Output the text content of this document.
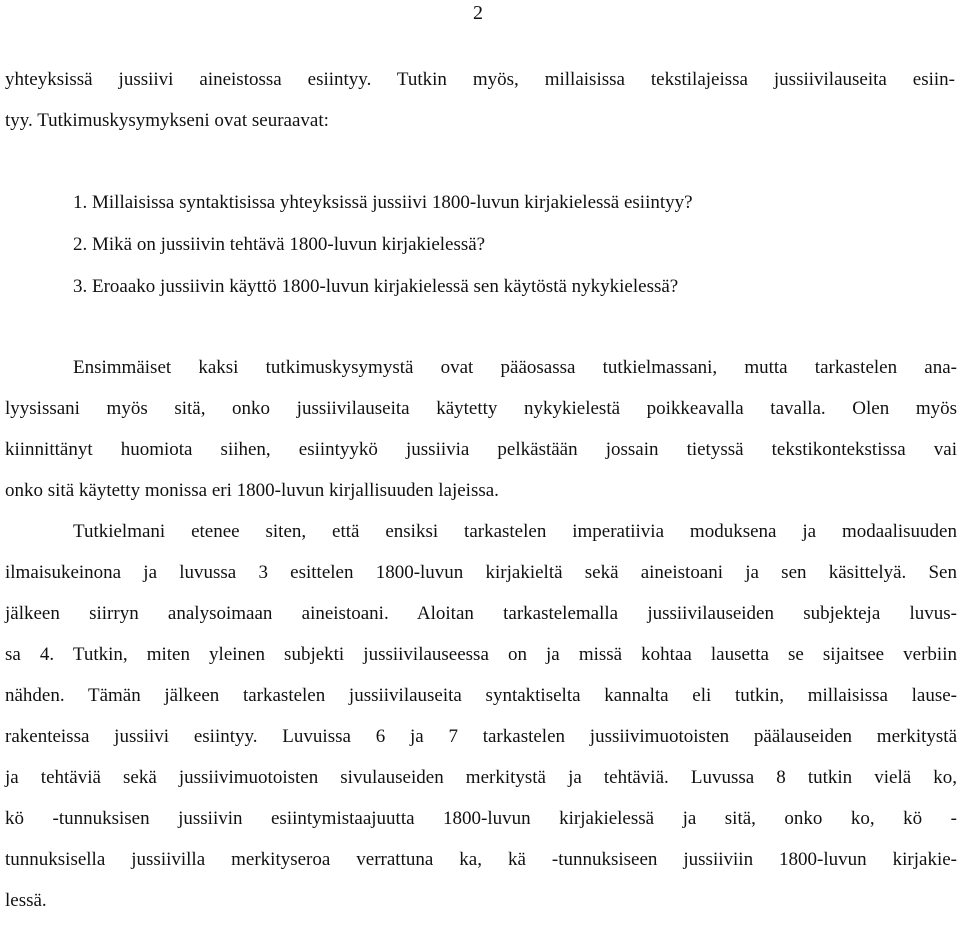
2
yhteyksissä jussiivi aineistossa esiintyy. Tutkin myös, millaisissa tekstilajeissa jussiivilauseita esiin-
tyy. Tutkimuskysymykseni ovat seuraavat:
1. Millaisissa syntaktisissa yhteyksissä jussiivi 1800-luvun kirjakielessä esiintyy?
2. Mikä on jussiivin tehtävä 1800-luvun kirjakielessä?
3. Eroaako jussiivin käyttö 1800-luvun kirjakielessä sen käytöstä nykykielessä?
Ensimmäiset kaksi tutkimuskysymystä ovat pääosassa tutkielmassani, mutta tarkastelen ana-
lyysissani myös sitä, onko jussiivilauseita käytetty nykykielestä poikkeavalla tavalla. Olen myös
kiinnittänyt huomiota siihen, esiintyykö jussiivia pelkästään jossain tietyssä tekstikontekstissa vai
onko sitä käytetty monissa eri 1800-luvun kirjallisuuden lajeissa.
Tutkielmani etenee siten, että ensiksi tarkastelen imperatiivia moduksena ja modaalisuuden
ilmaisukeinona ja luvussa 3 esittelen 1800-luvun kirjakieltä sekä aineistoani ja sen käsittelyä. Sen
jälkeen siirryn analysoimaan aineistoani. Aloitan tarkastelemalla jussiivilauseiden subjekteja luvus-
sa 4. Tutkin, miten yleinen subjekti jussiivilauseessa on ja missä kohtaa lausetta se sijaitsee verbiin
nähden. Tämän jälkeen tarkastelen jussiivilauseita syntaktiselta kannalta eli tutkin, millaisissa lause-
rakenteissa jussiivi esiintyy. Luvuissa 6 ja 7 tarkastelen jussiivimuotoisten päälauseiden merkitystä
ja tehtäviä sekä jussiivimuotoisten sivulauseiden merkitystä ja tehtäviä. Luvussa 8 tutkin vielä ko,
kö -tunnuksisen jussiivin esiintymistaajuutta 1800-luvun kirjakielessä ja sitä, onko ko, kö -
tunnuksisella jussiivilla merkityseroa verrattuna ka, kä -tunnuksiseen jussiiviin 1800-luvun kirjakie-
lessä.
